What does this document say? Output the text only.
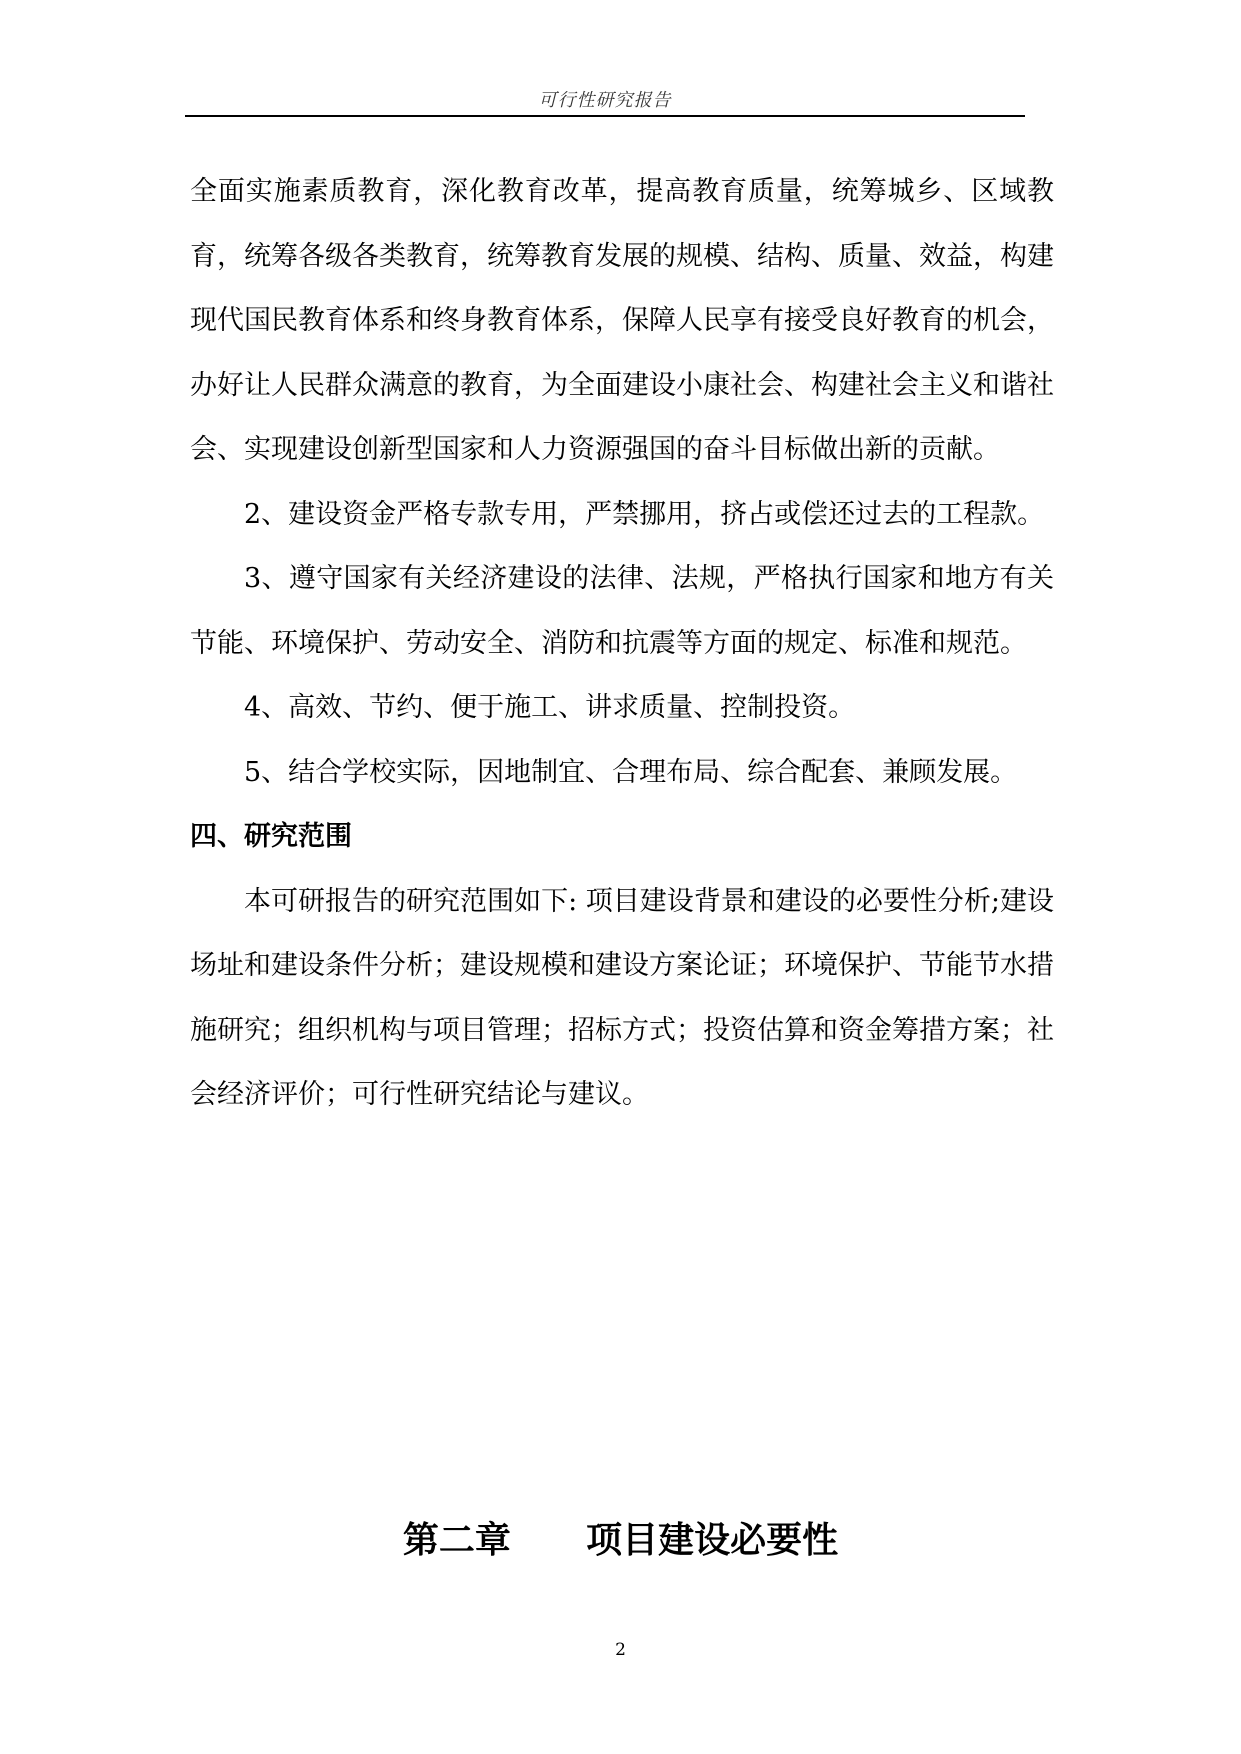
可行性研究报告

全面实施素质教育，深化教育改革，提高教育质量，统筹城乡、区域教育，统筹各级各类教育，统筹教育发展的规模、结构、质量、效益，构建现代国民教育体系和终身教育体系，保障人民享有接受良好教育的机会，办好让人民群众满意的教育，为全面建设小康社会、构建社会主义和谐社会、实现建设创新型国家和人力资源强国的奋斗目标做出新的贡献。

2、建设资金严格专款专用，严禁挪用，挤占或偿还过去的工程款。

3、遵守国家有关经济建设的法律、法规，严格执行国家和地方有关节能、环境保护、劳动安全、消防和抗震等方面的规定、标准和规范。

4、高效、节约、便于施工、讲求质量、控制投资。

5、结合学校实际，因地制宜、合理布局、综合配套、兼顾发展。

四、研究范围

本可研报告的研究范围如下: 项目建设背景和建设的必要性分析;建设场址和建设条件分析；建设规模和建设方案论证；环境保护、节能节水措施研究；组织机构与项目管理；招标方式；投资估算和资金筹措方案；社会经济评价；可行性研究结论与建议。

第二章      项目建设必要性
2
